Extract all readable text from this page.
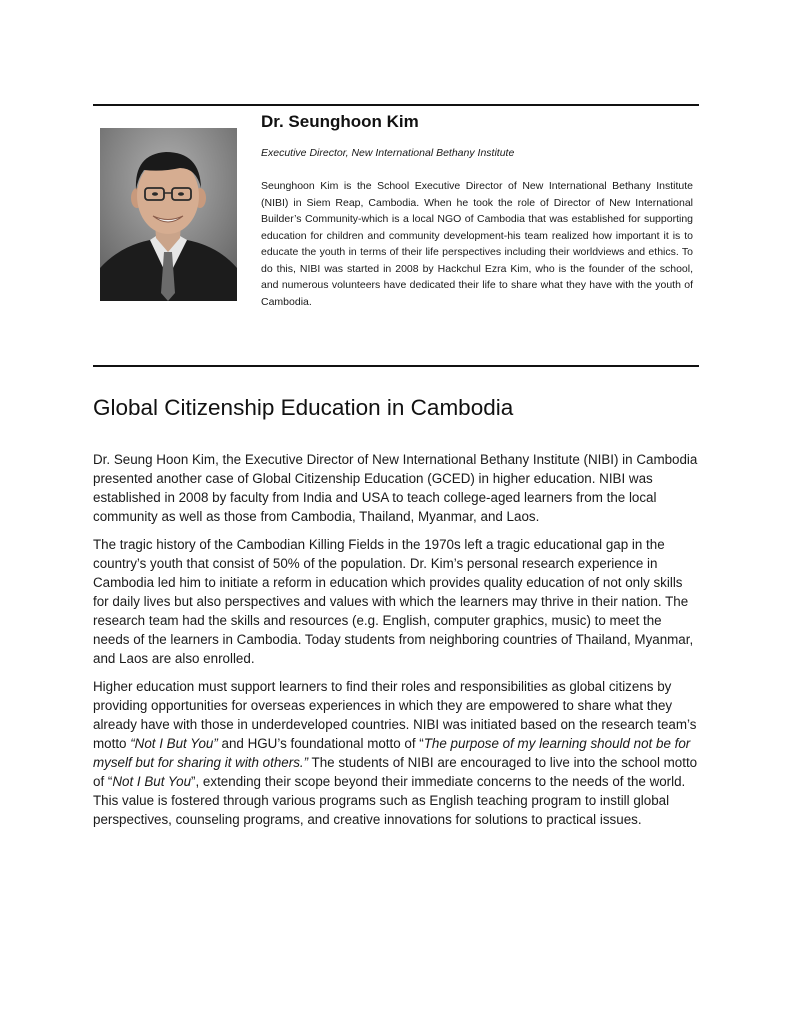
Dr. Seunghoon Kim

Executive Director, New International Bethany Institute

Seunghoon Kim is the School Executive Director of New International Bethany Institute (NIBI) in Siem Reap, Cambodia. When he took the role of Director of New International Builder’s Community-which is a local NGO of Cambodia that was established for supporting education for children and community development-his team realized how important it is to educate the youth in terms of their life perspectives including their worldviews and ethics. To do this, NIBI was started in 2008 by Hackchul Ezra Kim, who is the founder of the school, and numerous volunteers have dedicated their life to share what they have with the youth of Cambodia.

Global Citizenship Education in Cambodia

Dr. Seung Hoon Kim, the Executive Director of New International Bethany Institute (NIBI) in Cambodia presented another case of Global Citizenship Education (GCED) in higher education. NIBI was established in 2008 by faculty from India and USA to teach college-aged learners from the local community as well as those from Cambodia, Thailand, Myanmar, and Laos.

The tragic history of the Cambodian Killing Fields in the 1970s left a tragic educational gap in the country’s youth that consist of 50% of the population. Dr. Kim’s personal research experience in Cambodia led him to initiate a reform in education which provides quality education of not only skills for daily lives but also perspectives and values with which the learners may thrive in their nation. The research team had the skills and resources (e.g. English, computer graphics, music) to meet the needs of the learners in Cambodia. Today students from neighboring countries of Thailand, Myanmar, and Laos are also enrolled.

Higher education must support learners to find their roles and responsibilities as global citizens by providing opportunities for overseas experiences in which they are empowered to share what they already have with those in underdeveloped countries. NIBI was initiated based on the research team’s motto “Not I But You” and HGU’s foundational motto of “The purpose of my learning should not be for myself but for sharing it with others.” The students of NIBI are encouraged to live into the school motto of “Not I But You”, extending their scope beyond their immediate concerns to the needs of the world. This value is fostered through various programs such as English teaching program to instill global perspectives, counseling programs, and creative innovations for solutions to practical issues.
